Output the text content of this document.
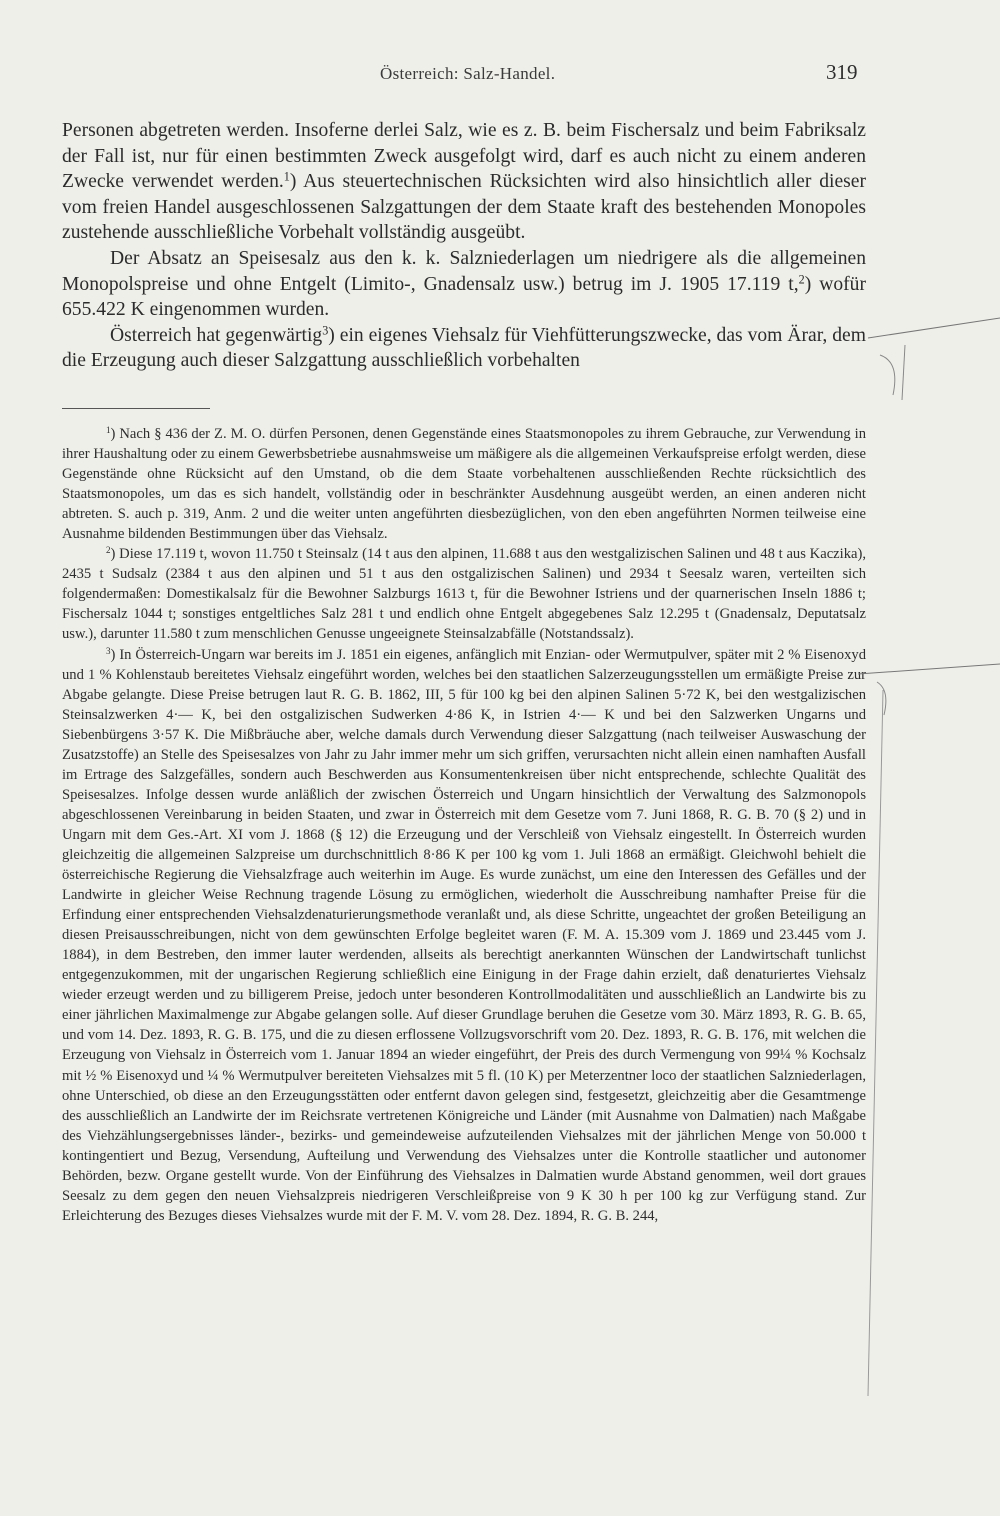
Österreich: Salz-Handel.	319

Personen abgetreten werden. Insoferne derlei Salz, wie es z. B. beim Fischersalz und beim Fabriksalz der Fall ist, nur für einen bestimmten Zweck ausgefolgt wird, darf es auch nicht zu einem anderen Zwecke verwendet werden.$^1$) Aus steuertechnischen Rücksichten wird also hinsichtlich aller dieser vom freien Handel ausgeschlossenen Salzgattungen der dem Staate kraft des bestehenden Monopoles zustehende ausschließliche Vorbehalt vollständig ausgeübt.

Der Absatz an Speisesalz aus den k. k. Salzniederlagen um niedrigere als die allgemeinen Monopolspreise und ohne Entgelt (Limito-, Gnadensalz usw.) betrug im J. 1905 17.119 t,$^2$) wofür 655.422 K eingenommen wurden.

Österreich hat gegenwärtig$^3$) ein eigenes Viehsalz für Viehfütterungszwecke, das vom Ärar, dem die Erzeugung auch dieser Salzgattung ausschließlich vorbehalten

$^1$) Nach § 436 der Z. M. O. dürfen Personen, denen Gegenstände eines Staatsmonopoles zu ihrem Gebrauche, zur Verwendung in ihrer Haushaltung oder zu einem Gewerbsbetriebe ausnahmsweise um mäßigere als die allgemeinen Verkaufspreise erfolgt werden, diese Gegenstände ohne Rücksicht auf den Umstand, ob die dem Staate vorbehaltenen ausschließenden Rechte rücksichtlich des Staatsmonopoles, um das es sich handelt, vollständig oder in beschränkter Ausdehnung ausgeübt werden, an einen anderen nicht abtreten. S. auch p. 319, Anm. 2 und die weiter unten angeführten diesbezüglichen, von den eben angeführten Normen teilweise eine Ausnahme bildenden Bestimmungen über das Viehsalz.

$^2$) Diese 17.119 t, wovon 11.750 t Steinsalz (14 t aus den alpinen, 11.688 t aus den westgalizischen Salinen und 48 t aus Kaczika), 2435 t Sudsalz (2384 t aus den alpinen und 51 t aus den ostgalizischen Salinen) und 2934 t Seesalz waren, verteilten sich folgendermaßen: Domestikalsalz für die Bewohner Salzburgs 1613 t, für die Bewohner Istriens und der quarnerischen Inseln 1886 t; Fischersalz 1044 t; sonstiges entgeltliches Salz 281 t und endlich ohne Entgelt abgegebenes Salz 12.295 t (Gnadensalz, Deputatsalz usw.), darunter 11.580 t zum menschlichen Genusse ungeeignete Steinsalzabfälle (Notstandssalz).

$^3$) In Österreich-Ungarn war bereits im J. 1851 ein eigenes, anfänglich mit Enzian- oder Wermutpulver, später mit 2 % Eisenoxyd und 1 % Kohlenstaub bereitetes Viehsalz eingeführt worden, welches bei den staatlichen Salzerzeugungsstellen um ermäßigte Preise zur Abgabe gelangte. Diese Preise betrugen laut R. G. B. 1862, III, 5 für 100 kg bei den alpinen Salinen 5·72 K, bei den westgalizischen Steinsalzwerken 4·— K, bei den ostgalizischen Sudwerken 4·86 K, in Istrien 4·— K und bei den Salzwerken Ungarns und Siebenbürgens 3·57 K. Die Mißbräuche aber, welche damals durch Verwendung dieser Salzgattung (nach teilweiser Auswaschung der Zusatzstoffe) an Stelle des Speisesalzes von Jahr zu Jahr immer mehr um sich griffen, verursachten nicht allein einen namhaften Ausfall im Ertrage des Salzgefälles, sondern auch Beschwerden aus Konsumentenkreisen über nicht entsprechende, schlechte Qualität des Speisesalzes. Infolge dessen wurde anläßlich der zwischen Österreich und Ungarn hinsichtlich der Verwaltung des Salzmonopols abgeschlossenen Vereinbarung in beiden Staaten, und zwar in Österreich mit dem Gesetze vom 7. Juni 1868, R. G. B. 70 (§ 2) und in Ungarn mit dem Ges.-Art. XI vom J. 1868 (§ 12) die Erzeugung und der Verschleiß von Viehsalz eingestellt. In Österreich wurden gleichzeitig die allgemeinen Salzpreise um durchschnittlich 8·86 K per 100 kg vom 1. Juli 1868 an ermäßigt. Gleichwohl behielt die österreichische Regierung die Viehsalzfrage auch weiterhin im Auge. Es wurde zunächst, um eine den Interessen des Gefälles und der Landwirte in gleicher Weise Rechnung tragende Lösung zu ermöglichen, wiederholt die Ausschreibung namhafter Preise für die Erfindung einer entsprechenden Viehsalzdenaturierungsmethode veranlaßt und, als diese Schritte, ungeachtet der großen Beteiligung an diesen Preisausschreibungen, nicht von dem gewünschten Erfolge begleitet waren (F. M. A. 15.309 vom J. 1869 und 23.445 vom J. 1884), in dem Bestreben, den immer lauter werdenden, allseits als berechtigt anerkannten Wünschen der Landwirtschaft tunlichst entgegenzukommen, mit der ungarischen Regierung schließlich eine Einigung in der Frage dahin erzielt, daß denaturiertes Viehsalz wieder erzeugt werden und zu billigerem Preise, jedoch unter besonderen Kontrollmodalitäten und ausschließlich an Landwirte bis zu einer jährlichen Maximalmenge zur Abgabe gelangen solle. Auf dieser Grundlage beruhen die Gesetze vom 30. März 1893, R. G. B. 65, und vom 14. Dez. 1893, R. G. B. 175, und die zu diesen erflossene Vollzugsvorschrift vom 20. Dez. 1893, R. G. B. 176, mit welchen die Erzeugung von Viehsalz in Österreich vom 1. Januar 1894 an wieder eingeführt, der Preis des durch Vermengung von 99¼ % Kochsalz mit ½ % Eisenoxyd und ¼ % Wermutpulver bereiteten Viehsalzes mit 5 fl. (10 K) per Meterzentner loco der staatlichen Salzniederlagen, ohne Unterschied, ob diese an den Erzeugungsstätten oder entfernt davon gelegen sind, festgesetzt, gleichzeitig aber die Gesamtmenge des ausschließlich an Landwirte der im Reichsrate vertretenen Königreiche und Länder (mit Ausnahme von Dalmatien) nach Maßgabe des Viehzählungsergebnisses länder-, bezirks- und gemeindeweise aufzuteilenden Viehsalzes mit der jährlichen Menge von 50.000 t kontingentiert und Bezug, Versendung, Aufteilung und Verwendung des Viehsalzes unter die Kontrolle staatlicher und autonomer Behörden, bezw. Organe gestellt wurde. Von der Einführung des Viehsalzes in Dalmatien wurde Abstand genommen, weil dort graues Seesalz zu dem gegen den neuen Viehsalzpreis niedrigeren Verschleißpreise von 9 K 30 h per 100 kg zur Verfügung stand. Zur Erleichterung des Bezuges dieses Viehsalzes wurde mit der F. M. V. vom 28. Dez. 1894, R. G. B. 244,
